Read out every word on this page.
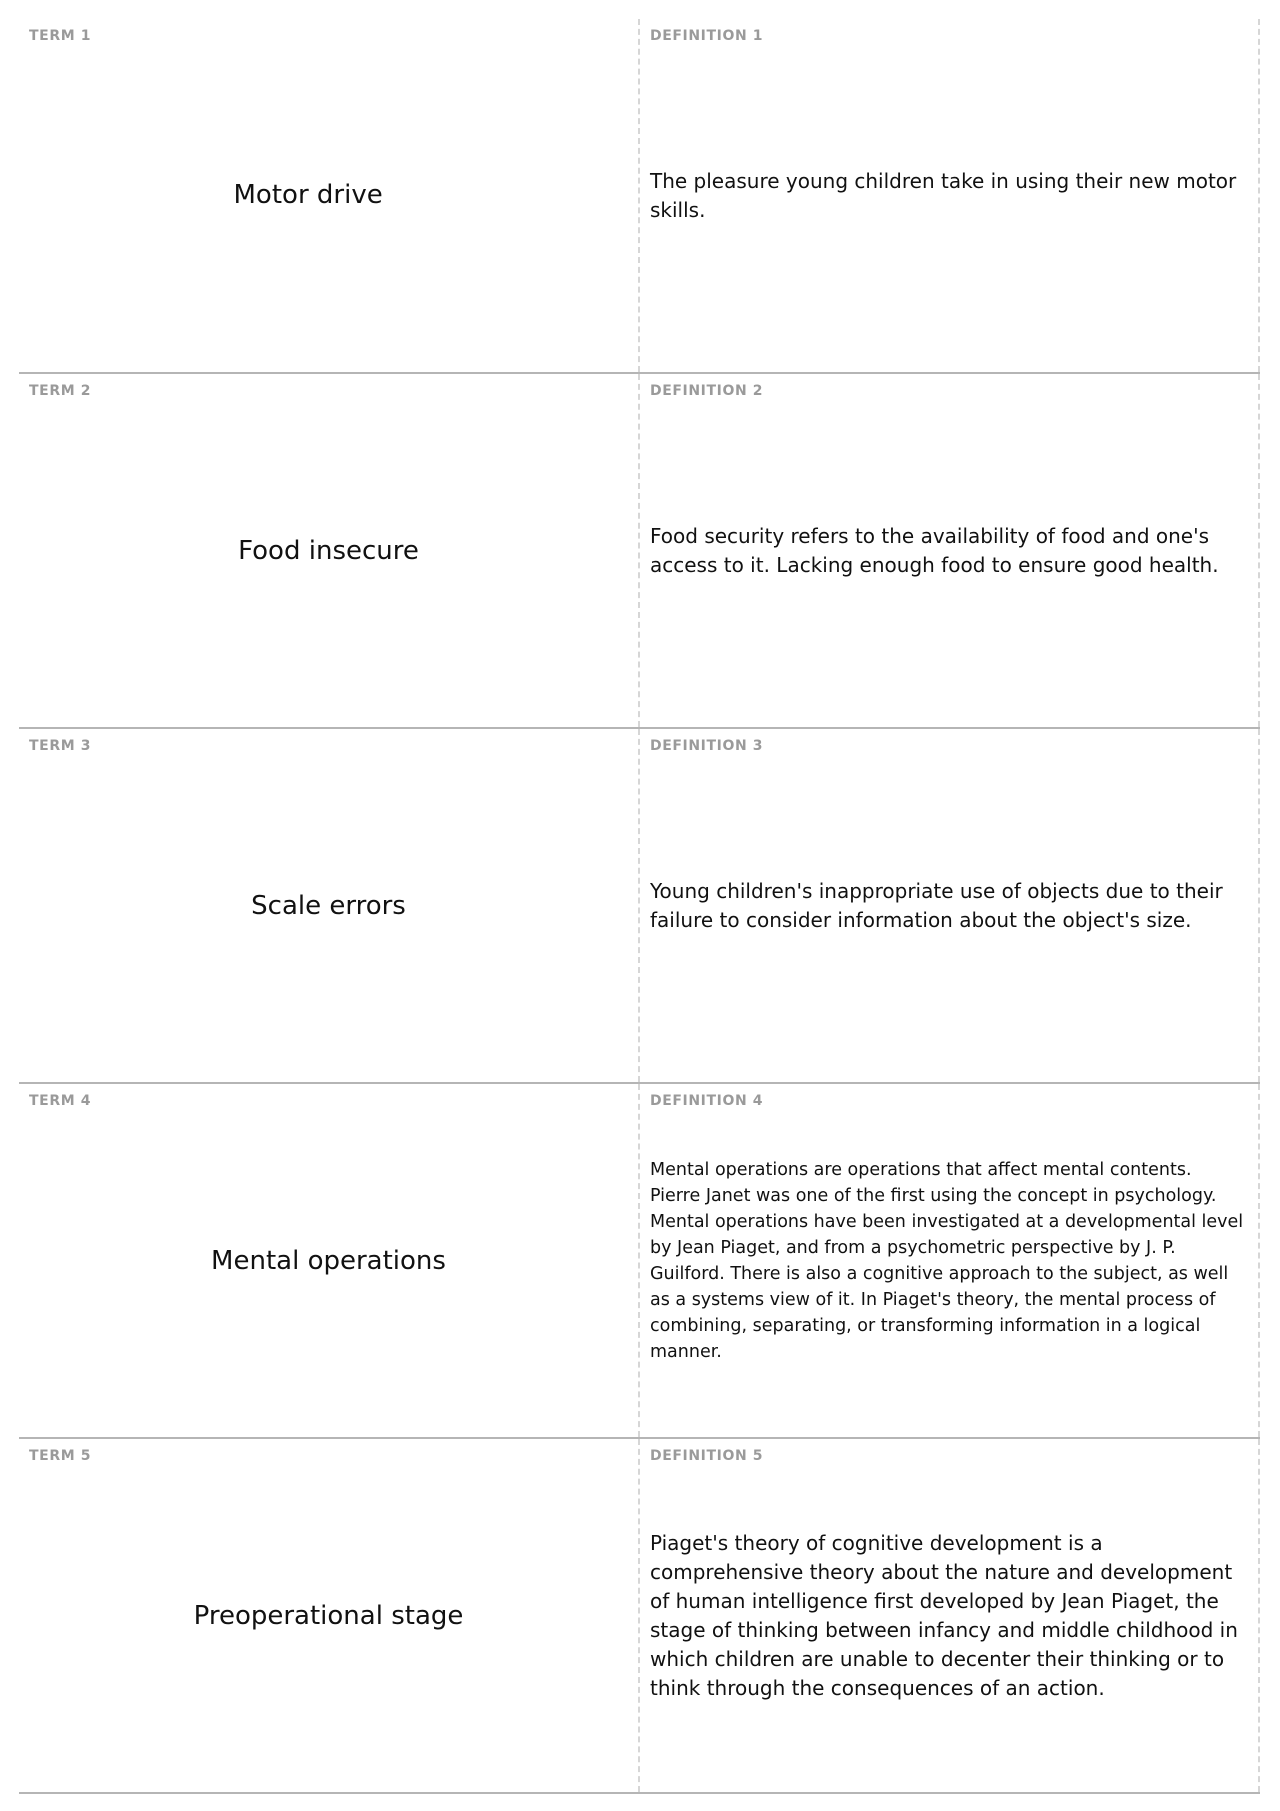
TERM 1
Motor drive
DEFINITION 1
The pleasure young children take in using their new motor skills.
TERM 2
Food insecure
DEFINITION 2
Food security refers to the availability of food and one's access to it. Lacking enough food to ensure good health.
TERM 3
Scale errors
DEFINITION 3
Young children's inappropriate use of objects due to their failure to consider information about the object's size.
TERM 4
Mental operations
DEFINITION 4
Mental operations are operations that affect mental contents. Pierre Janet was one of the first using the concept in psychology. Mental operations have been investigated at a developmental level by Jean Piaget, and from a psychometric perspective by J. P. Guilford. There is also a cognitive approach to the subject, as well as a systems view of it. In Piaget's theory, the mental process of combining, separating, or transforming information in a logical manner.
TERM 5
Preoperational stage
DEFINITION 5
Piaget's theory of cognitive development is a comprehensive theory about the nature and development of human intelligence first developed by Jean Piaget, the stage of thinking between infancy and middle childhood in which children are unable to decenter their thinking or to think through the consequences of an action.
